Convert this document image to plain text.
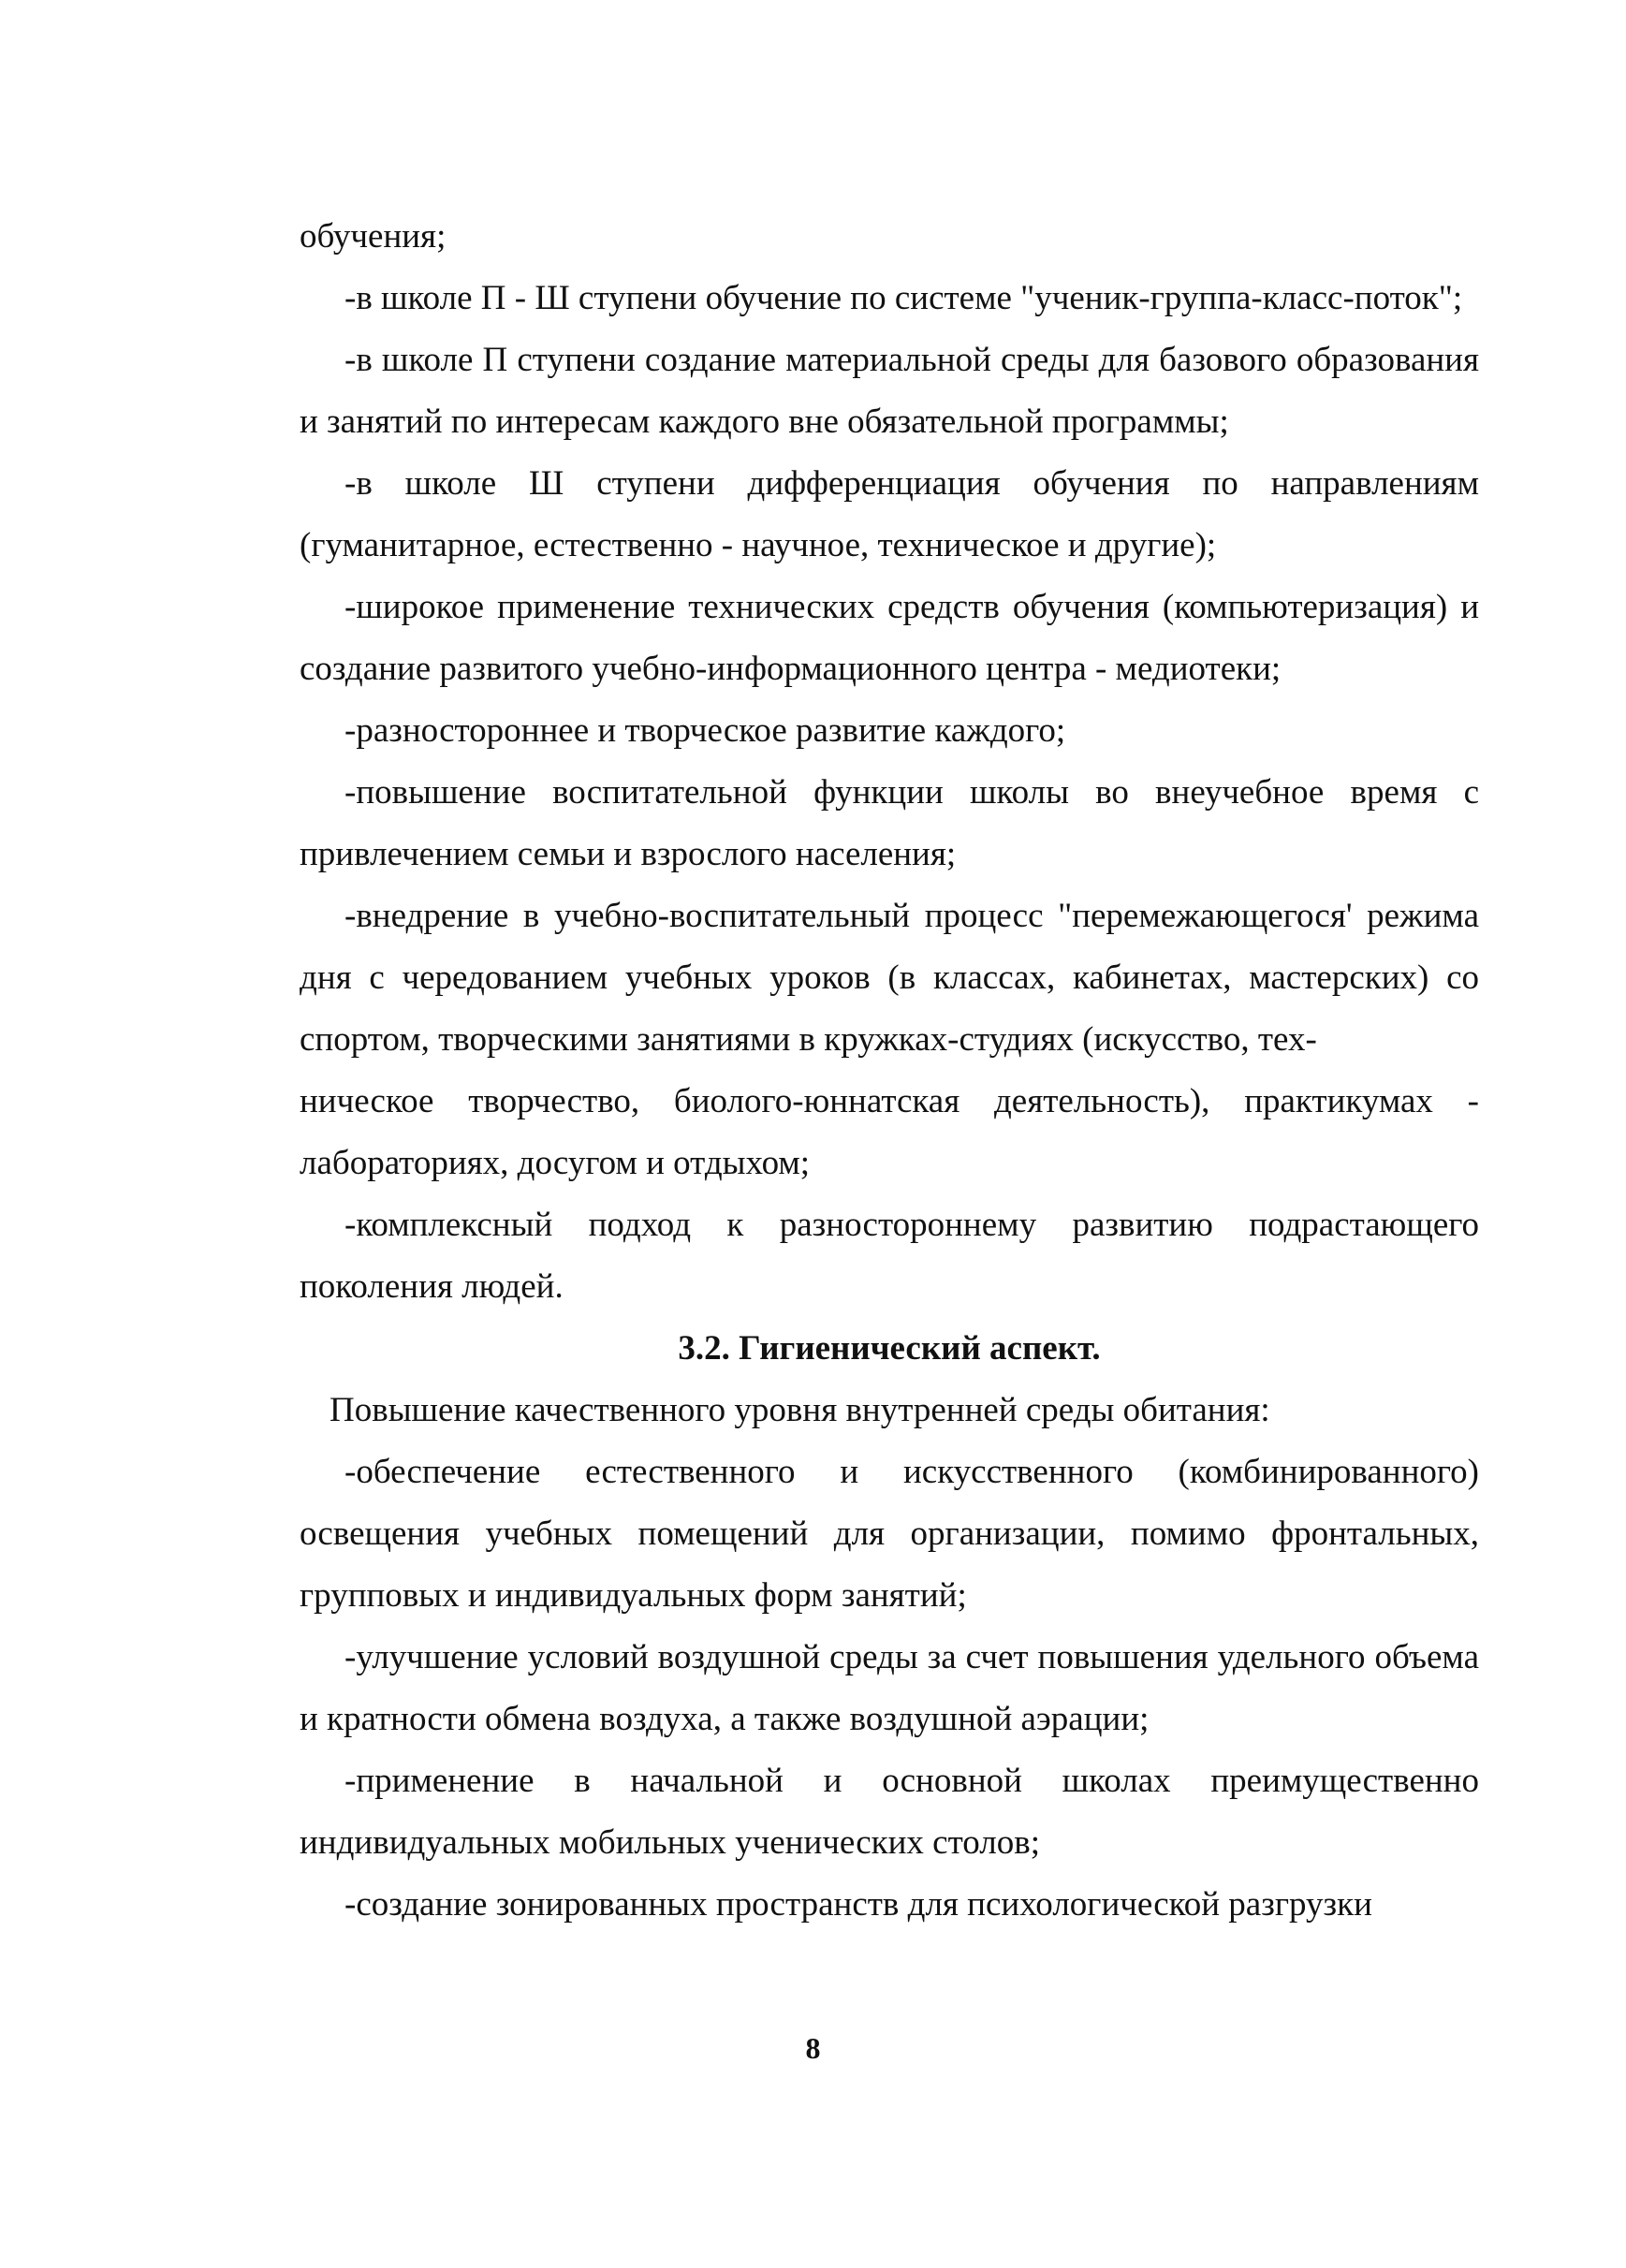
обучения;

-в школе П - Ш ступени обучение по системе "ученик-группа-класс-поток";

-в школе П ступени создание материальной среды для базового образования и занятий по интересам каждого вне обязательной программы;

-в школе Ш ступени дифференциация обучения по направлениям (гуманитарное, естественно - научное, техническое и другие);

-широкое применение технических средств обучения (компьютеризация) и создание развитого учебно-информационного центра - медиотеки;

-разностороннее и творческое развитие каждого;

-повышение воспитательной функции школы во внеучебное время с привлечением семьи и взрослого населения;

-внедрение в учебно-воспитательный процесс "перемежающегося' режима дня с чередованием учебных уроков (в классах, кабинетах, мастерских) со спортом, творческими занятиями в кружках-студиях (искусство, тех-

ническое творчество, биолого-юннатская деятельность), практикумах - лабораториях, досугом и отдыхом;

-комплексный подход к разностороннему развитию подрастающего поколения людей.

3.2. Гигиенический аспект.

Повышение качественного уровня внутренней среды обитания:

-обеспечение естественного и искусственного (комбинированного) освещения учебных помещений для организации, помимо фронтальных, групповых и индивидуальных форм занятий;

-улучшение условий воздушной среды за счет повышения удельного объема и кратности обмена воздуха, а также воздушной аэрации;

-применение в начальной и основной школах преимущественно индивидуальных мобильных ученических столов;

-создание зонированных пространств для психологической разгрузки

8
